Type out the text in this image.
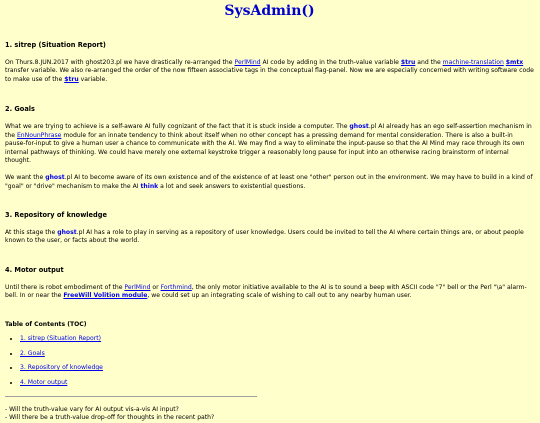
SysAdmin()
1. sitrep (Situation Report)

On Thurs.8.JUN.2017 with ghost203.pl we have drastically re-arranged the PerlMind AI code by adding in the truth-value variable $tru and the machine-translation $mtx transfer variable. We also re-arranged the order of the now fifteen associative tags in the conceptual flag-panel. Now we are especially concerned with writing software code to make use of the $tru variable.

2. Goals

What we are trying to achieve is a self-aware AI fully cognizant of the fact that it is stuck inside a computer. The ghost.pl AI already has an ego self-assertion mechanism in the EnNounPhrase module for an innate tendency to think about itself when no other concept has a pressing demand for mental consideration. There is also a built-in pause-for-input to give a human user a chance to communicate with the AI. We may find a way to eliminate the input-pause so that the AI Mind may race through its own internal pathways of thinking. We could have merely one external keystroke trigger a reasonably long pause for input into an otherwise racing brainstorm of internal thought.

We want the ghost.pl AI to become aware of its own existence and of the existence of at least one "other" person out in the environment. We may have to build in a kind of "goal" or "drive" mechanism to make the AI think a lot and seek answers to existential questions.

3. Repository of knowledge

At this stage the ghost.pl AI has a role to play in serving as a repository of user knowledge. Users could be invited to tell the AI where certain things are, or about people known to the user, or facts about the world.

4. Motor output

Until there is robot embodiment of the PerlMind or Forthmind, the only motor initiative available to the AI is to sound a beep with ASCII code "7" bell or the Perl "\a" alarm-bell. In or near the FreeWill Volition module, we could set up an integrating scale of wishing to call out to any nearby human user.

Table of Contents (TOC)
• 1. sitrep (Situation Report)
• 2. Goals
• 3. Repository of knowledge
• 4. Motor output

- Will the truth-value vary for AI output vis-a-vis AI input?

- Will there be a truth-value drop-off for thoughts in the recent path?
